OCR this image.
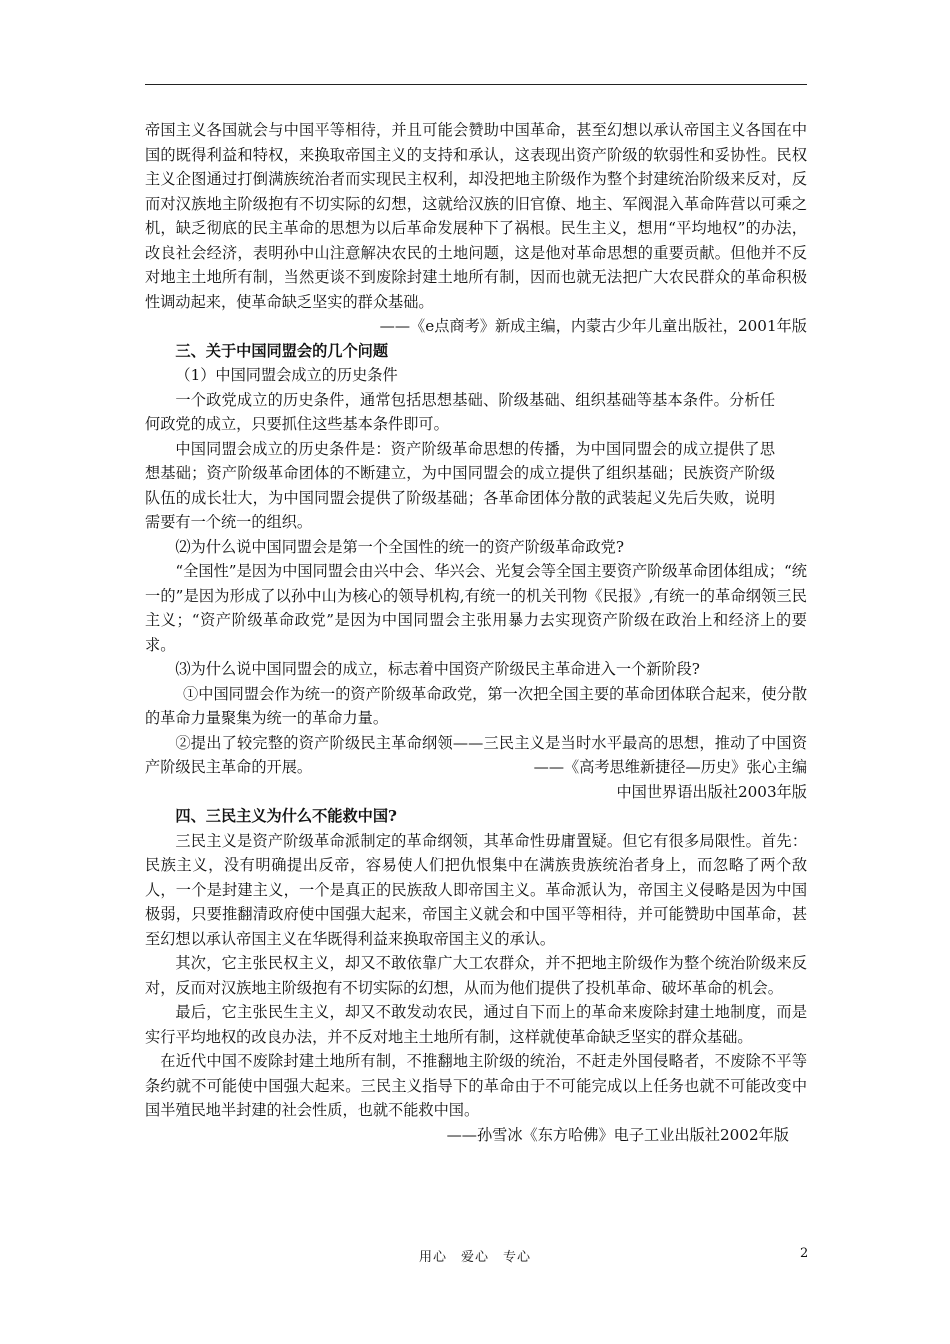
帝国主义各国就会与中国平等相待，并且可能会赞助中国革命，甚至幻想以承认帝国主义各国在中国的既得利益和特权，来换取帝国主义的支持和承认，这表现出资产阶级的软弱性和妥协性。民权主义企图通过打倒满族统治者而实现民主权利，却没把地主阶级作为整个封建统治阶级来反对，反而对汉族地主阶级抱有不切实际的幻想，这就给汉族的旧官僚、地主、军阀混入革命阵营以可乘之机，缺乏彻底的民主革命的思想为以后革命发展种下了祸根。民生主义，想用“平均地权”的办法，改良社会经济，表明孙中山注意解决农民的土地问题，这是他对革命思想的重要贡献。但他并不反对地主土地所有制，当然更谈不到废除封建土地所有制，因而也就无法把广大农民群众的革命积极性调动起来，使革命缺乏坚实的群众基础。

——《e点商考》新成主编，内蒙古少年儿童出版社，2001年版

三、关于中国同盟会的几个问题

（1）中国同盟会成立的历史条件

一个政党成立的历史条件，通常包括思想基础、阶级基础、组织基础等基本条件。分析任何政党的成立，只要抓住这些基本条件即可。

中国同盟会成立的历史条件是：资产阶级革命思想的传播，为中国同盟会的成立提供了思想基础；资产阶级革命团体的不断建立，为中国同盟会的成立提供了组织基础；民族资产阶级队伍的成长壮大，为中国同盟会提供了阶级基础；各革命团体分散的武装起义先后失败，说明需要有一个统一的组织。

⑵为什么说中国同盟会是第一个全国性的统一的资产阶级革命政党?

“全国性”是因为中国同盟会由兴中会、华兴会、光复会等全国主要资产阶级革命团体组成；“统一的”是因为形成了以孙中山为核心的领导机构,有统一的机关刊物《民报》,有统一的革命纲领三民主义；“资产阶级革命政党”是因为中国同盟会主张用暴力去实现资产阶级在政治上和经济上的要求。

⑶为什么说中国同盟会的成立，标志着中国资产阶级民主革命进入一个新阶段?

①中国同盟会作为统一的资产阶级革命政党，第一次把全国主要的革命团体联合起来，使分散的革命力量聚集为统一的革命力量。

②提出了较完整的资产阶级民主革命纲领——三民主义是当时水平最高的思想，推动了中国资产阶级民主革命的开展。	——《高考思维新捷径—历史》张心主编

中国世界语出版社2003年版

四、三民主义为什么不能救中国?

三民主义是资产阶级革命派制定的革命纲领，其革命性毋庸置疑。但它有很多局限性。首先：民族主义，没有明确提出反帝，容易使人们把仇恨集中在满族贵族统治者身上，而忽略了两个敌人，一个是封建主义，一个是真正的民族敌人即帝国主义。革命派认为，帝国主义侵略是因为中国极弱，只要推翻清政府使中国强大起来，帝国主义就会和中国平等相待，并可能赞助中国革命，甚至幻想以承认帝国主义在华既得利益来换取帝国主义的承认。

其次，它主张民权主义，却又不敢依靠广大工农群众，并不把地主阶级作为整个统治阶级来反对，反而对汉族地主阶级抱有不切实际的幻想，从而为他们提供了投机革命、破坏革命的机会。

最后，它主张民生主义，却又不敢发动农民，通过自下而上的革命来废除封建土地制度，而是实行平均地权的改良办法，并不反对地主土地所有制，这样就使革命缺乏坚实的群众基础。

在近代中国不废除封建土地所有制，不推翻地主阶级的统治，不赶走外国侵略者，不废除不平等条约就不可能使中国强大起来。三民主义指导下的革命由于不可能完成以上任务也就不可能改变中国半殖民地半封建的社会性质，也就不能救中国。

——孙雪冰《东方哈佛》电子工业出版社2002年版

用心　爱心　专心	2
